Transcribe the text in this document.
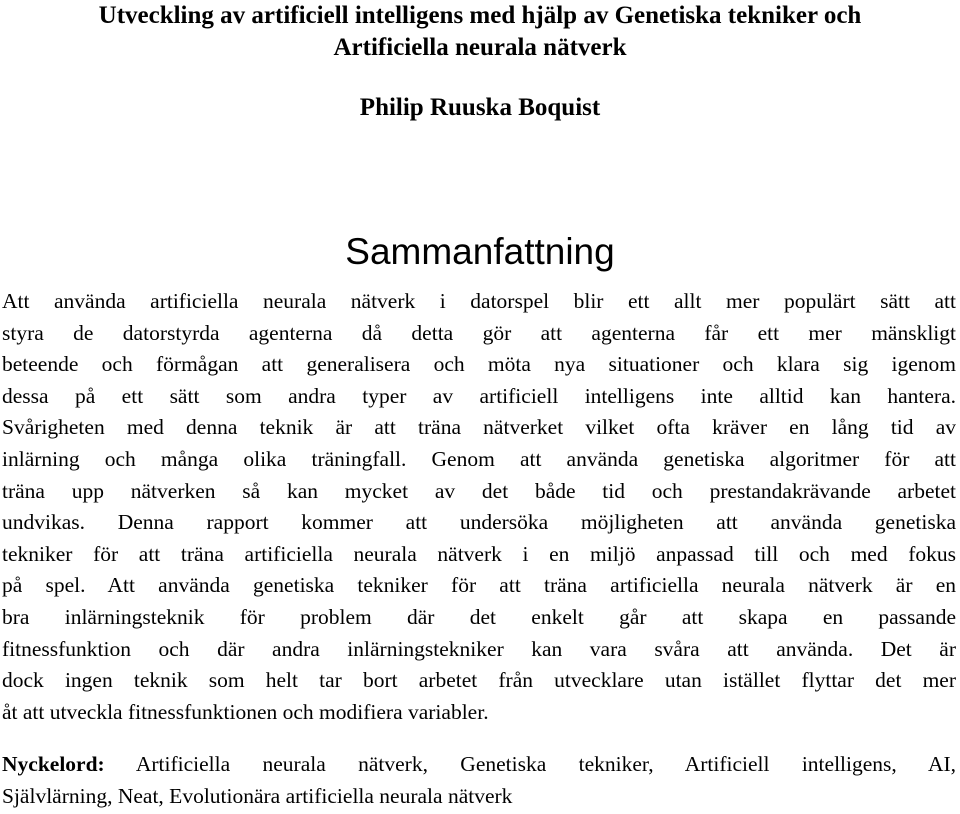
Utveckling av artificiell intelligens med hjälp av Genetiska tekniker och
Artificiella neurala nätverk

Philip Ruuska Boquist

Sammanfattning
Att använda artificiella neurala nätverk i datorspel blir ett allt mer populärt sätt att
styra de datorstyrda agenterna då detta gör att agenterna får ett mer mänskligt
beteende och förmågan att generalisera och möta nya situationer och klara sig igenom
dessa på ett sätt som andra typer av artificiell intelligens inte alltid kan hantera.
Svårigheten med denna teknik är att träna nätverket vilket ofta kräver en lång tid av
inlärning och många olika träningfall. Genom att använda genetiska algoritmer för att
träna upp nätverken så kan mycket av det både tid och prestandakrävande arbetet
undvikas. Denna rapport kommer att undersöka möjligheten att använda genetiska
tekniker för att träna artificiella neurala nätverk i en miljö anpassad till och med fokus
på spel. Att använda genetiska tekniker för att träna artificiella neurala nätverk är en
bra inlärningsteknik för problem där det enkelt går att skapa en passande
fitnessfunktion och där andra inlärningstekniker kan vara svåra att använda. Det är
dock ingen teknik som helt tar bort arbetet från utvecklare utan istället flyttar det mer
åt att utveckla fitnessfunktionen och modifiera variabler.
Nyckelord: Artificiella neurala nätverk, Genetiska tekniker, Artificiell intelligens, AI,
Självlärning, Neat, Evolutionära artificiella neurala nätverk
